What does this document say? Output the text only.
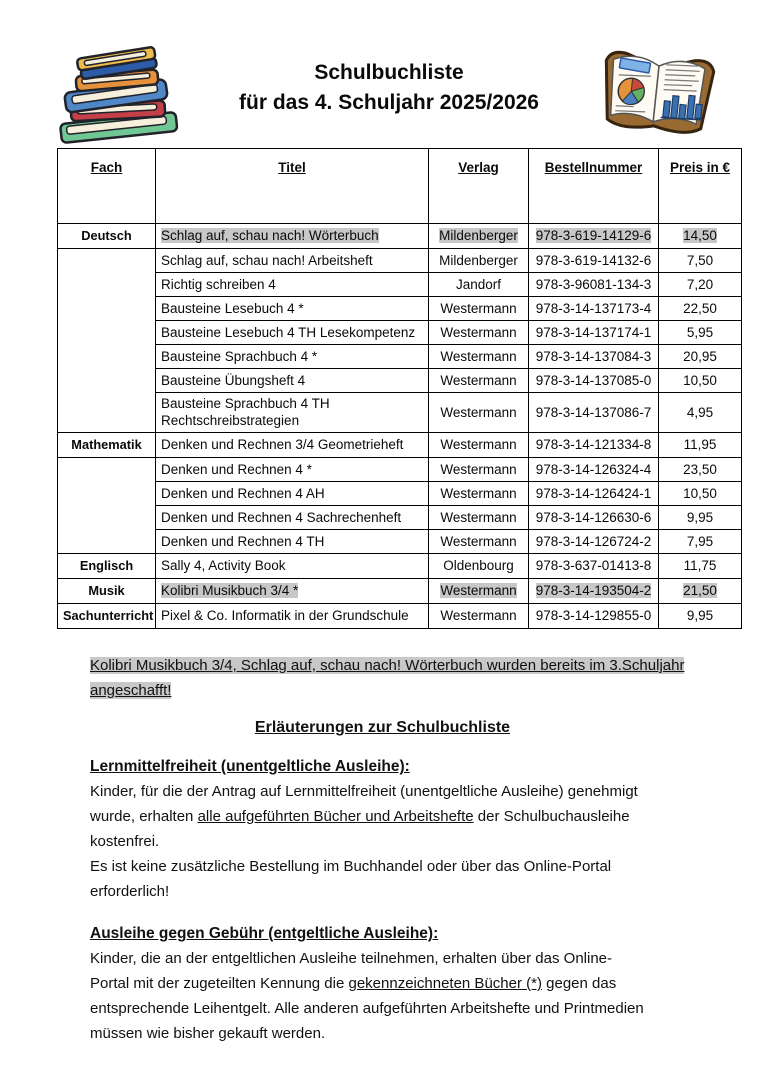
Schulbuchliste
für das 4. Schuljahr 2025/2026
Fach	Titel	Verlag	Bestellnummer	Preis in €
Deutsch	Schlag auf, schau nach! Wörterbuch	Mildenberger	978-3-619-14129-6	14,50
	Schlag auf, schau nach! Arbeitsheft	Mildenberger	978-3-619-14132-6	7,50
	Richtig schreiben 4	Jandorf	978-3-96081-134-3	7,20
	Bausteine Lesebuch 4 *	Westermann	978-3-14-137173-4	22,50
	Bausteine Lesebuch 4 TH Lesekompetenz	Westermann	978-3-14-137174-1	5,95
	Bausteine Sprachbuch 4 *	Westermann	978-3-14-137084-3	20,95
	Bausteine Übungsheft 4	Westermann	978-3-14-137085-0	10,50
	Bausteine Sprachbuch 4 TH Rechtschreibstrategien	Westermann	978-3-14-137086-7	4,95
Mathematik	Denken und Rechnen 3/4 Geometrieheft	Westermann	978-3-14-121334-8	11,95
	Denken und Rechnen 4 *	Westermann	978-3-14-126324-4	23,50
	Denken und Rechnen 4 AH	Westermann	978-3-14-126424-1	10,50
	Denken und Rechnen 4 Sachrechenheft	Westermann	978-3-14-126630-6	9,95
	Denken und Rechnen 4 TH	Westermann	978-3-14-126724-2	7,95
Englisch	Sally 4, Activity Book	Oldenbourg	978-3-637-01413-8	11,75
Musik	Kolibri Musikbuch 3/4 *	Westermann	978-3-14-193504-2	21,50
Sachunterricht	Pixel & Co. Informatik in der Grundschule	Westermann	978-3-14-129855-0	9,95
Kolibri Musikbuch 3/4, Schlag auf, schau nach! Wörterbuch wurden bereits im 3.Schuljahr angeschafft!
Erläuterungen zur Schulbuchliste
Lernmittelfreiheit (unentgeltliche Ausleihe):

Kinder, für die der Antrag auf Lernmittelfreiheit (unentgeltliche Ausleihe) genehmigt wurde, erhalten alle aufgeführten Bücher und Arbeitshefte der Schulbuchausleihe kostenfrei.

Es ist keine zusätzliche Bestellung im Buchhandel oder über das Online-Portal erforderlich!

Ausleihe gegen Gebühr (entgeltliche Ausleihe):

Kinder, die an der entgeltlichen Ausleihe teilnehmen, erhalten über das Online-Portal mit der zugeteilten Kennung die gekennzeichneten Bücher (*) gegen das entsprechende Leihentgelt. Alle anderen aufgeführten Arbeitshefte und Printmedien müssen wie bisher gekauft werden.
